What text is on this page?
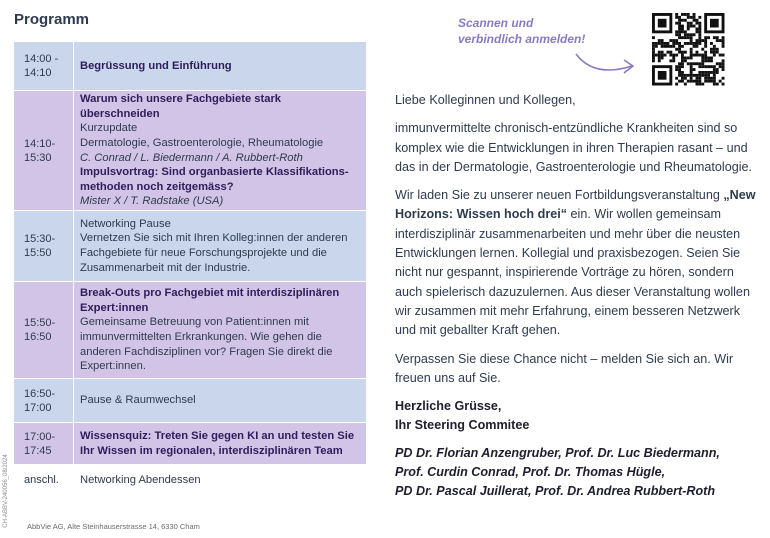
Programm
14:00 -
14:10
Begrüssung und Einführung
14:10-
15:30
Warum sich unsere Fachgebiete stark überschneiden
Kurzupdate
Dermatologie, Gastroenterologie, Rheumatologie
C. Conrad / L. Biedermann / A. Rubbert-Roth
Impulsvortrag: Sind organbasierte Klassifikations-
methoden noch zeitgemäss?
Mister X / T. Radstake (USA)
15:30-
15:50
Networking Pause
Vernetzen Sie sich mit Ihren Kolleg:innen der anderen
Fachgebiete für neue Forschungsprojekte und die
Zusammenarbeit mit der Industrie.
15:50-
16:50
Break-Outs pro Fachgebiet mit interdisziplinären
Expert:innen
Gemeinsame Betreuung von Patient:innen mit
immunvermittelten Erkrankungen. Wie gehen die
anderen Fachdisziplinen vor? Fragen Sie direkt die
Expert:innen.
16:50-
17:00
Pause & Raumwechsel
17:00-
17:45
Wissensquiz: Treten Sie gegen KI an und testen Sie
Ihr Wissen im regionalen, interdisziplinären Team
anschl. Networking Abendessen
CH-ABBV-240056_08/2024 AbbVie AG, Alte Steinhauserstrasse 14, 6330 Cham
Scannen und
verbindlich anmelden!

Liebe Kolleginnen und Kollegen,

immunvermittelte chronisch-entzündliche Krankheiten sind so komplex wie die Entwicklungen in ihren Therapien rasant – und das in der Dermatologie, Gastroenterologie und Rheumatologie.

Wir laden Sie zu unserer neuen Fortbildungsveranstaltung „New Horizons: Wissen hoch drei“ ein. Wir wollen gemeinsam interdisziplinär zusammenarbeiten und mehr über die neusten Entwicklungen lernen. Kollegial und praxisbezogen. Seien Sie nicht nur gespannt, inspirierende Vorträge zu hören, sondern auch spielerisch dazuzulernen. Aus dieser Veranstaltung wollen wir zusammen mit mehr Erfahrung, einem besseren Netzwerk und mit geballter Kraft gehen.

Verpassen Sie diese Chance nicht – melden Sie sich an. Wir freuen uns auf Sie.

Herzliche Grüsse,

Ihr Steering Commitee

PD Dr. Florian Anzengruber, Prof. Dr. Luc Biedermann,
Prof. Curdin Conrad, Prof. Dr. Thomas Hügle,
PD Dr. Pascal Juillerat, Prof. Dr. Andrea Rubbert-Roth
